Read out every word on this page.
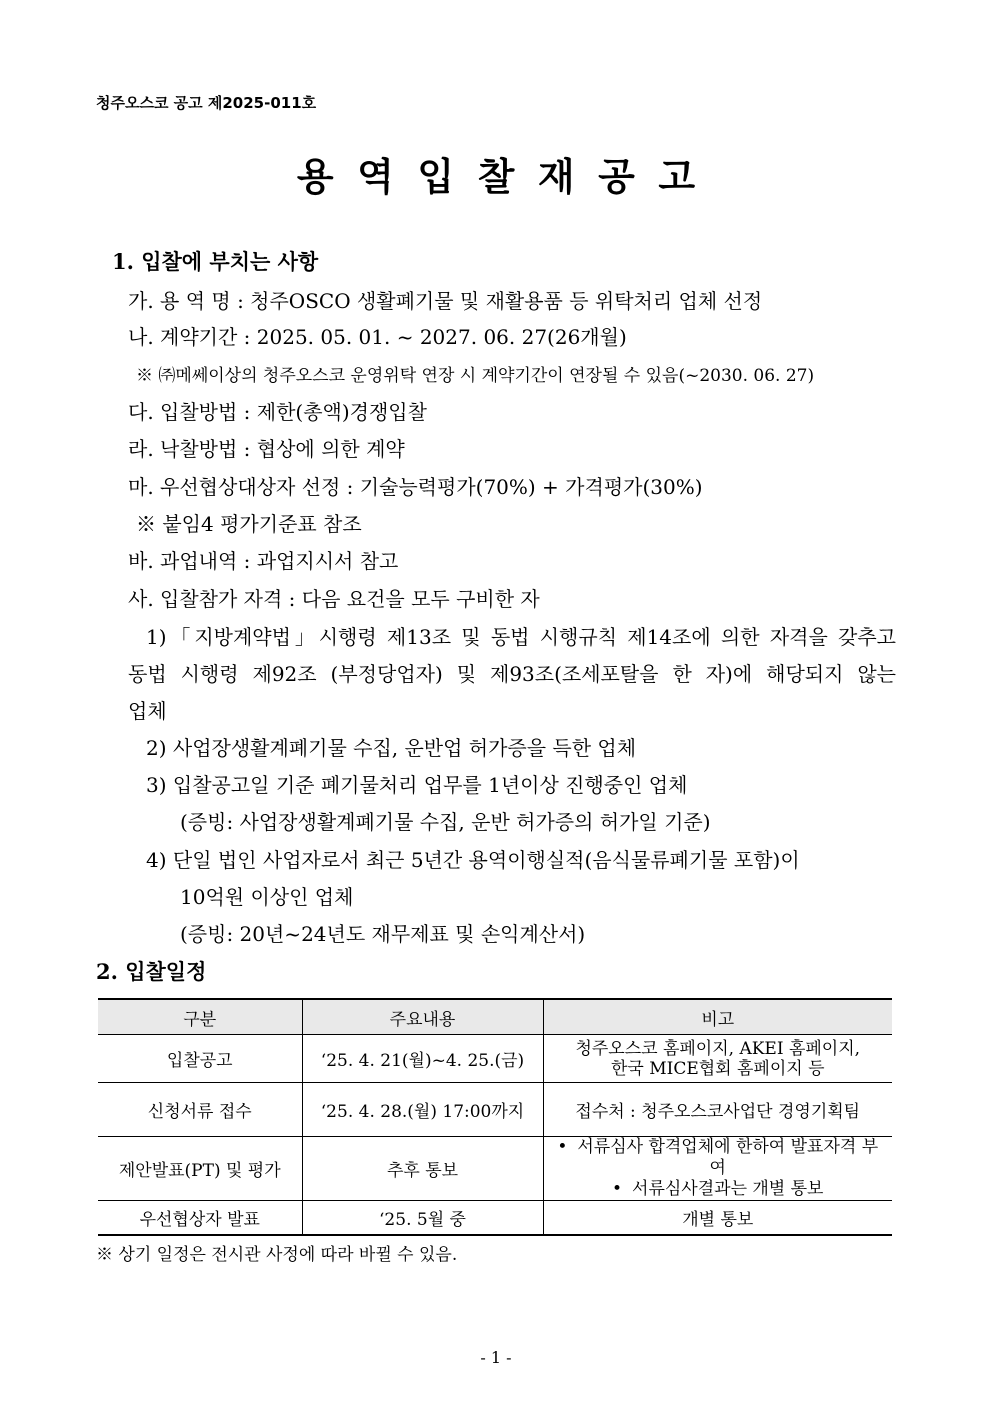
청주오스코 공고 제2025-011호
용역입찰재공고
1. 입찰에 부치는 사항
가. 용 역 명 : 청주OSCO 생활폐기물 및 재활용품 등 위탁처리 업체 선정
나. 계약기간 : 2025. 05. 01. ~ 2027. 06. 27(26개월)
※ ㈜메쎄이상의 청주오스코 운영위탁 연장 시 계약기간이 연장될 수 있음(~2030. 06. 27)
다. 입찰방법 : 제한(총액)경쟁입찰
라. 낙찰방법 : 협상에 의한 계약
마. 우선협상대상자 선정 : 기술능력평가(70%) + 가격평가(30%)
※ 붙임4 평가기준표 참조
바. 과업내역 : 과업지시서 참고
사. 입찰참가 자격 : 다음 요건을 모두 구비한 자
1)「지방계약법」시행령 제13조 및 동법 시행규칙 제14조에 의한 자격을 갖추고
동법 시행령 제92조 (부정당업자) 및 제93조(조세포탈을 한 자)에 해당되지 않는
업체
2) 사업장생활계폐기물 수집, 운반업 허가증을 득한 업체
3) 입찰공고일 기준 폐기물처리 업무를 1년이상 진행중인 업체
(증빙: 사업장생활계폐기물 수집, 운반 허가증의 허가일 기준)
4) 단일 법인 사업자로서 최근 5년간 용역이행실적(음식물류폐기물 포함)이
10억원 이상인 업체
(증빙: 20년~24년도 재무제표 및 손익계산서)
2. 입찰일정
구분	주요내용	비고
입찰공고	‘25. 4. 21(월)~4. 25.(금)	청주오스코 홈페이지, AKEI 홈페이지,
한국 MICE협회 홈페이지 등

신청서류 접수	‘25. 4. 28.(월) 17:00까지	접수처 : 청주오스코사업단 경영기획팀
제안발표(PT) 및 평가	추후 통보	• 서류심사 합격업체에 한하여 발표자격 부여
• 서류심사결과는 개별 통보

우선협상자 발표	‘25. 5월 중	개별 통보
※ 상기 일정은 전시관 사정에 따라 바뀔 수 있음.
- 1 -
